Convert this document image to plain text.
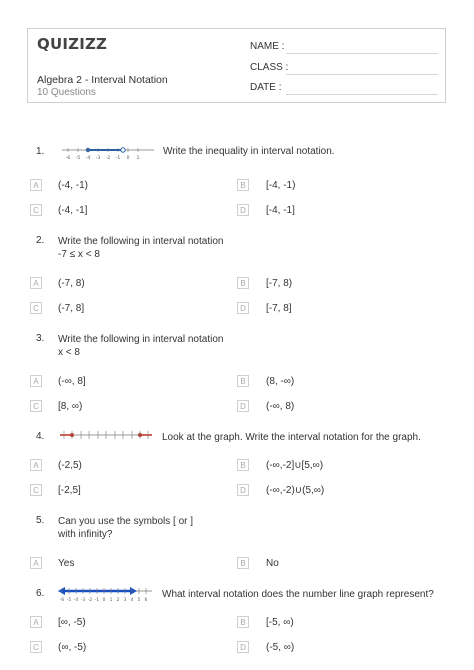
QUIZIZZ
Algebra 2 - Interval Notation
10 Questions
NAME :
CLASS :
DATE :
1.
-6 -5 -4 -3 -2 -1 0 1
Write the inequality in interval notation.
A	(-4, -1)	B	[-4, -1)
C	(-4, -1]	D	[-4, -1]
2. Write the following in interval notation
-7 ≤ x < 8
A	(-7, 8)	B	[-7, 8)
C	(-7, 8]	D	[-7, 8]
3. Write the following in interval notation
x < 8
A	(-∞, 8]	B	(8, -∞)
C	[8, ∞)	D	(-∞, 8)
4.	Look at the graph. Write the interval notation for the graph.
A	(-2,5)	B	(-∞,-2]∪[5,∞)
C	[-2,5]	D	(-∞,-2)∪(5,∞)
5. Can you use the symbols [ or ]
with infinity?
A	Yes	B	No
6.
-6 -5 -4 -3 -2 -1 0 1 2 3 4 5 6
What interval notation does the number line graph represent?
A	[∞, -5)	B	[-5, ∞)
C	(∞, -5)	D	(-5, ∞)
